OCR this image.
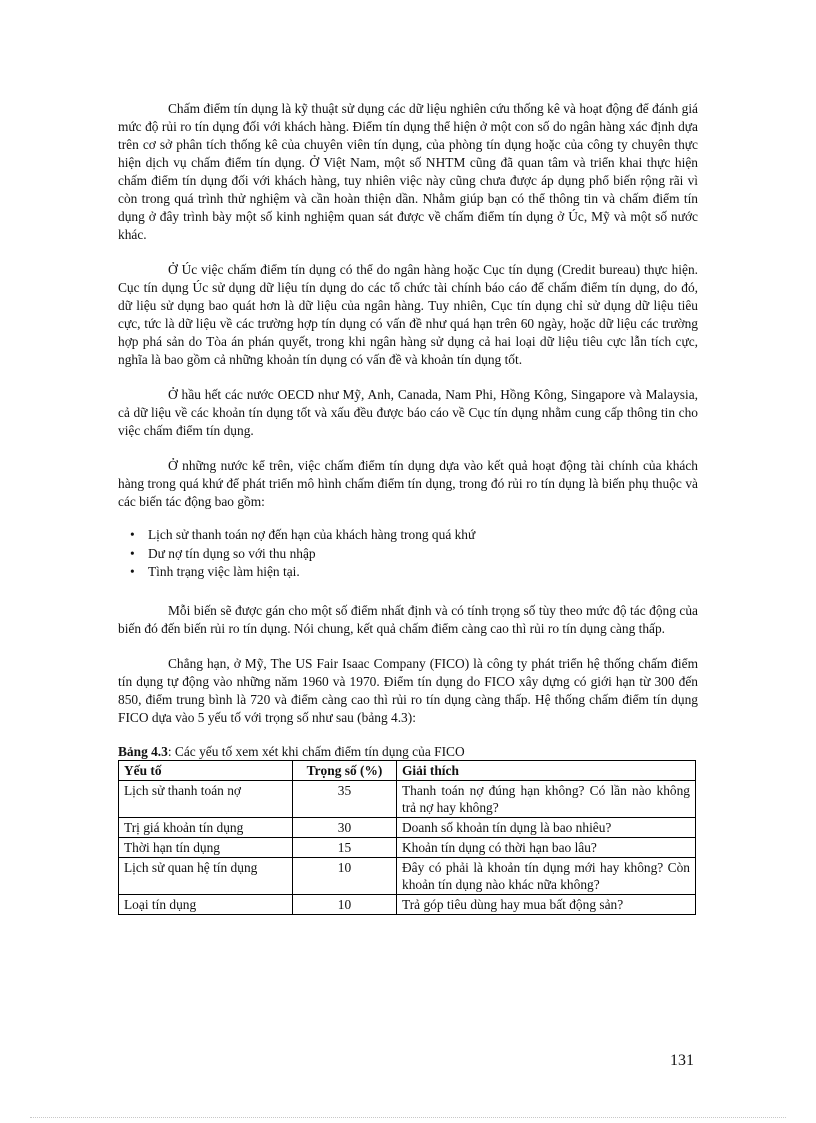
Chấm điểm tín dụng là kỹ thuật sử dụng các dữ liệu nghiên cứu thống kê và hoạt động để đánh giá mức độ rủi ro tín dụng đối với khách hàng. Điểm tín dụng thể hiện ở một con số do ngân hàng xác định dựa trên cơ sở phân tích thống kê của chuyên viên tín dụng, của phòng tín dụng hoặc của công ty chuyên thực hiện dịch vụ chấm điểm tín dụng. Ở Việt Nam, một số NHTM cũng đã quan tâm và triển khai thực hiện chấm điểm tín dụng đối với khách hàng, tuy nhiên việc này cũng chưa được áp dụng phổ biến rộng rãi vì còn trong quá trình thử nghiệm và cần hoàn thiện dần. Nhằm giúp bạn có thể thông tin và chấm điểm tín dụng ở đây trình bày một số kinh nghiệm quan sát được về chấm điểm tín dụng ở Úc, Mỹ và một số nước khác.

Ở Úc việc chấm điểm tín dụng có thể do ngân hàng hoặc Cục tín dụng (Credit bureau) thực hiện. Cục tín dụng Úc sử dụng dữ liệu tín dụng do các tổ chức tài chính báo cáo để chấm điểm tín dụng, do đó, dữ liệu sử dụng bao quát hơn là dữ liệu của ngân hàng. Tuy nhiên, Cục tín dụng chỉ sử dụng dữ liệu tiêu cực, tức là dữ liệu về các trường hợp tín dụng có vấn đề như quá hạn trên 60 ngày, hoặc dữ liệu các trường hợp phá sản do Tòa án phán quyết, trong khi ngân hàng sử dụng cả hai loại dữ liệu tiêu cực lẫn tích cực, nghĩa là bao gồm cả những khoản tín dụng có vấn đề và khoản tín dụng tốt.

Ở hầu hết các nước OECD như Mỹ, Anh, Canada, Nam Phi, Hồng Kông, Singapore và Malaysia, cả dữ liệu về các khoản tín dụng tốt và xấu đều được báo cáo về Cục tín dụng nhằm cung cấp thông tin cho việc chấm điểm tín dụng.

Ở những nước kể trên, việc chấm điểm tín dụng dựa vào kết quả hoạt động tài chính của khách hàng trong quá khứ để phát triển mô hình chấm điểm tín dụng, trong đó rủi ro tín dụng là biến phụ thuộc và các biến tác động bao gồm:

• Lịch sử thanh toán nợ đến hạn của khách hàng trong quá khứ
• Dư nợ tín dụng so với thu nhập
• Tình trạng việc làm hiện tại.

Mỗi biến sẽ được gán cho một số điểm nhất định và có tính trọng số tùy theo mức độ tác động của biến đó đến biến rủi ro tín dụng. Nói chung, kết quả chấm điểm càng cao thì rủi ro tín dụng càng thấp.

Chẳng hạn, ở Mỹ, The US Fair Isaac Company (FICO) là công ty phát triển hệ thống chấm điểm tín dụng tự động vào những năm 1960 và 1970. Điểm tín dụng do FICO xây dựng có giới hạn từ 300 đến 850, điểm trung bình là 720 và điểm càng cao thì rủi ro tín dụng càng thấp. Hệ thống chấm điểm tín dụng FICO dựa vào 5 yếu tố với trọng số như sau (bảng 4.3):

Bảng 4.3: Các yếu tố xem xét khi chấm điểm tín dụng của FICO
Yếu tố	Trọng số (%)	Giải thích
Lịch sử thanh toán nợ	35	Thanh toán nợ đúng hạn không? Có lần nào không trả nợ hay không?
Trị giá khoản tín dụng	30	Doanh số khoản tín dụng là bao nhiêu?
Thời hạn tín dụng	15	Khoản tín dụng có thời hạn bao lâu?
Lịch sử quan hệ tín dụng	10	Đây có phải là khoản tín dụng mới hay không? Còn khoản tín dụng nào khác nữa không?
Loại tín dụng	10	Trả góp tiêu dùng hay mua bất động sản?
131
